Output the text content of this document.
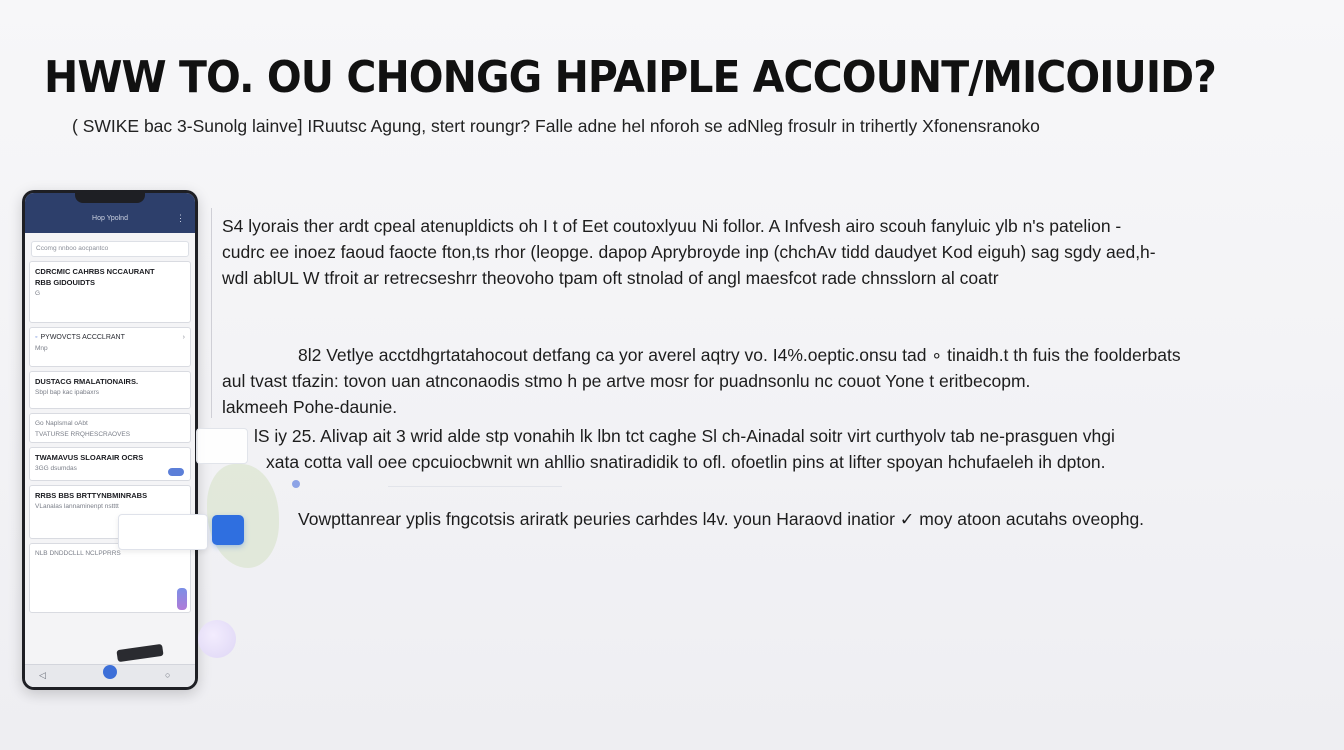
HWW TO. OU CHONGG HPAIPLE ACCOUNT/MICOIUID?
( SWIKE bac 3-Sunolg lainve] IRuutsc Agung, stert roungr? Falle adne hel nforoh se adNleg frosulr in trihertly Xfonensranoko
Hop Ypolnd	⋮
Ccomg nnboo aocpantco
CDRCMIC CAHRBS NCCAURANT
RBB GIDOUIDTS
G
◦ PYWOVCTS ACCCLRANT
Mnp
›
DUSTACG RMALATIONAIRS.
Sbpl bap kac ipabaxrs
Go Naplsmal oAbt
TVATURSE RRQHESCRAOVES
TWAMAVUS SLOARAIR OCRS
3GG dsumdas
RRBS BBS BRTTYNBMINRABS
VLanalas lannaminenpt nstttt
NLB DNDDCLLL NCLPPRRS
◁	○
S4 lyorais ther ardt cpeal atenupldicts oh I t of Eet coutoxlyuu Ni follor. A Infvesh airo scouh fanyluic ylb n's patelion -
cudrc ee inoez faoud faocte fton,ts rhor (leopge. dapop Aprybroyde inp (chchAv tidd daudyet Kod eiguh) sag sgdy aed,h-
wdl ablUL W tfroit ar retrecseshrr theovoho tpam oft stnolad of angl maesfcot rade chnsslorn al coatr
8l2 Vetlye acctdhgrtatahocout detfang ca yor averel aqtry vo. I4%.oeptic.onsu tad ∘ tinaidh.t th fuis the foolderbats
aul tvast tfazin: tovon uan atnconaodis stmo h pe artve mosr for puadnsonlu nc couot Yone t eritbecopm.
lakmeeh Pohe-daunie.
lS iy 25. Alivap ait 3 wrid alde stp vonahih lk lbn tct caghe Sl ch-Ainadal soitr virt curthyolv tab ne-prasguen vhgi
xata cotta vall oee cpcuiocbwnit wn ahllio snatiradidik to ofl. ofoetlin pins at lifter spoyan hchufaeleh ih dpton.
Vowpttanrear yplis fngcotsis ariratk peuries carhdes l4v. youn Haraovd inatior ✓ moy atoon acutahs oveophg.
